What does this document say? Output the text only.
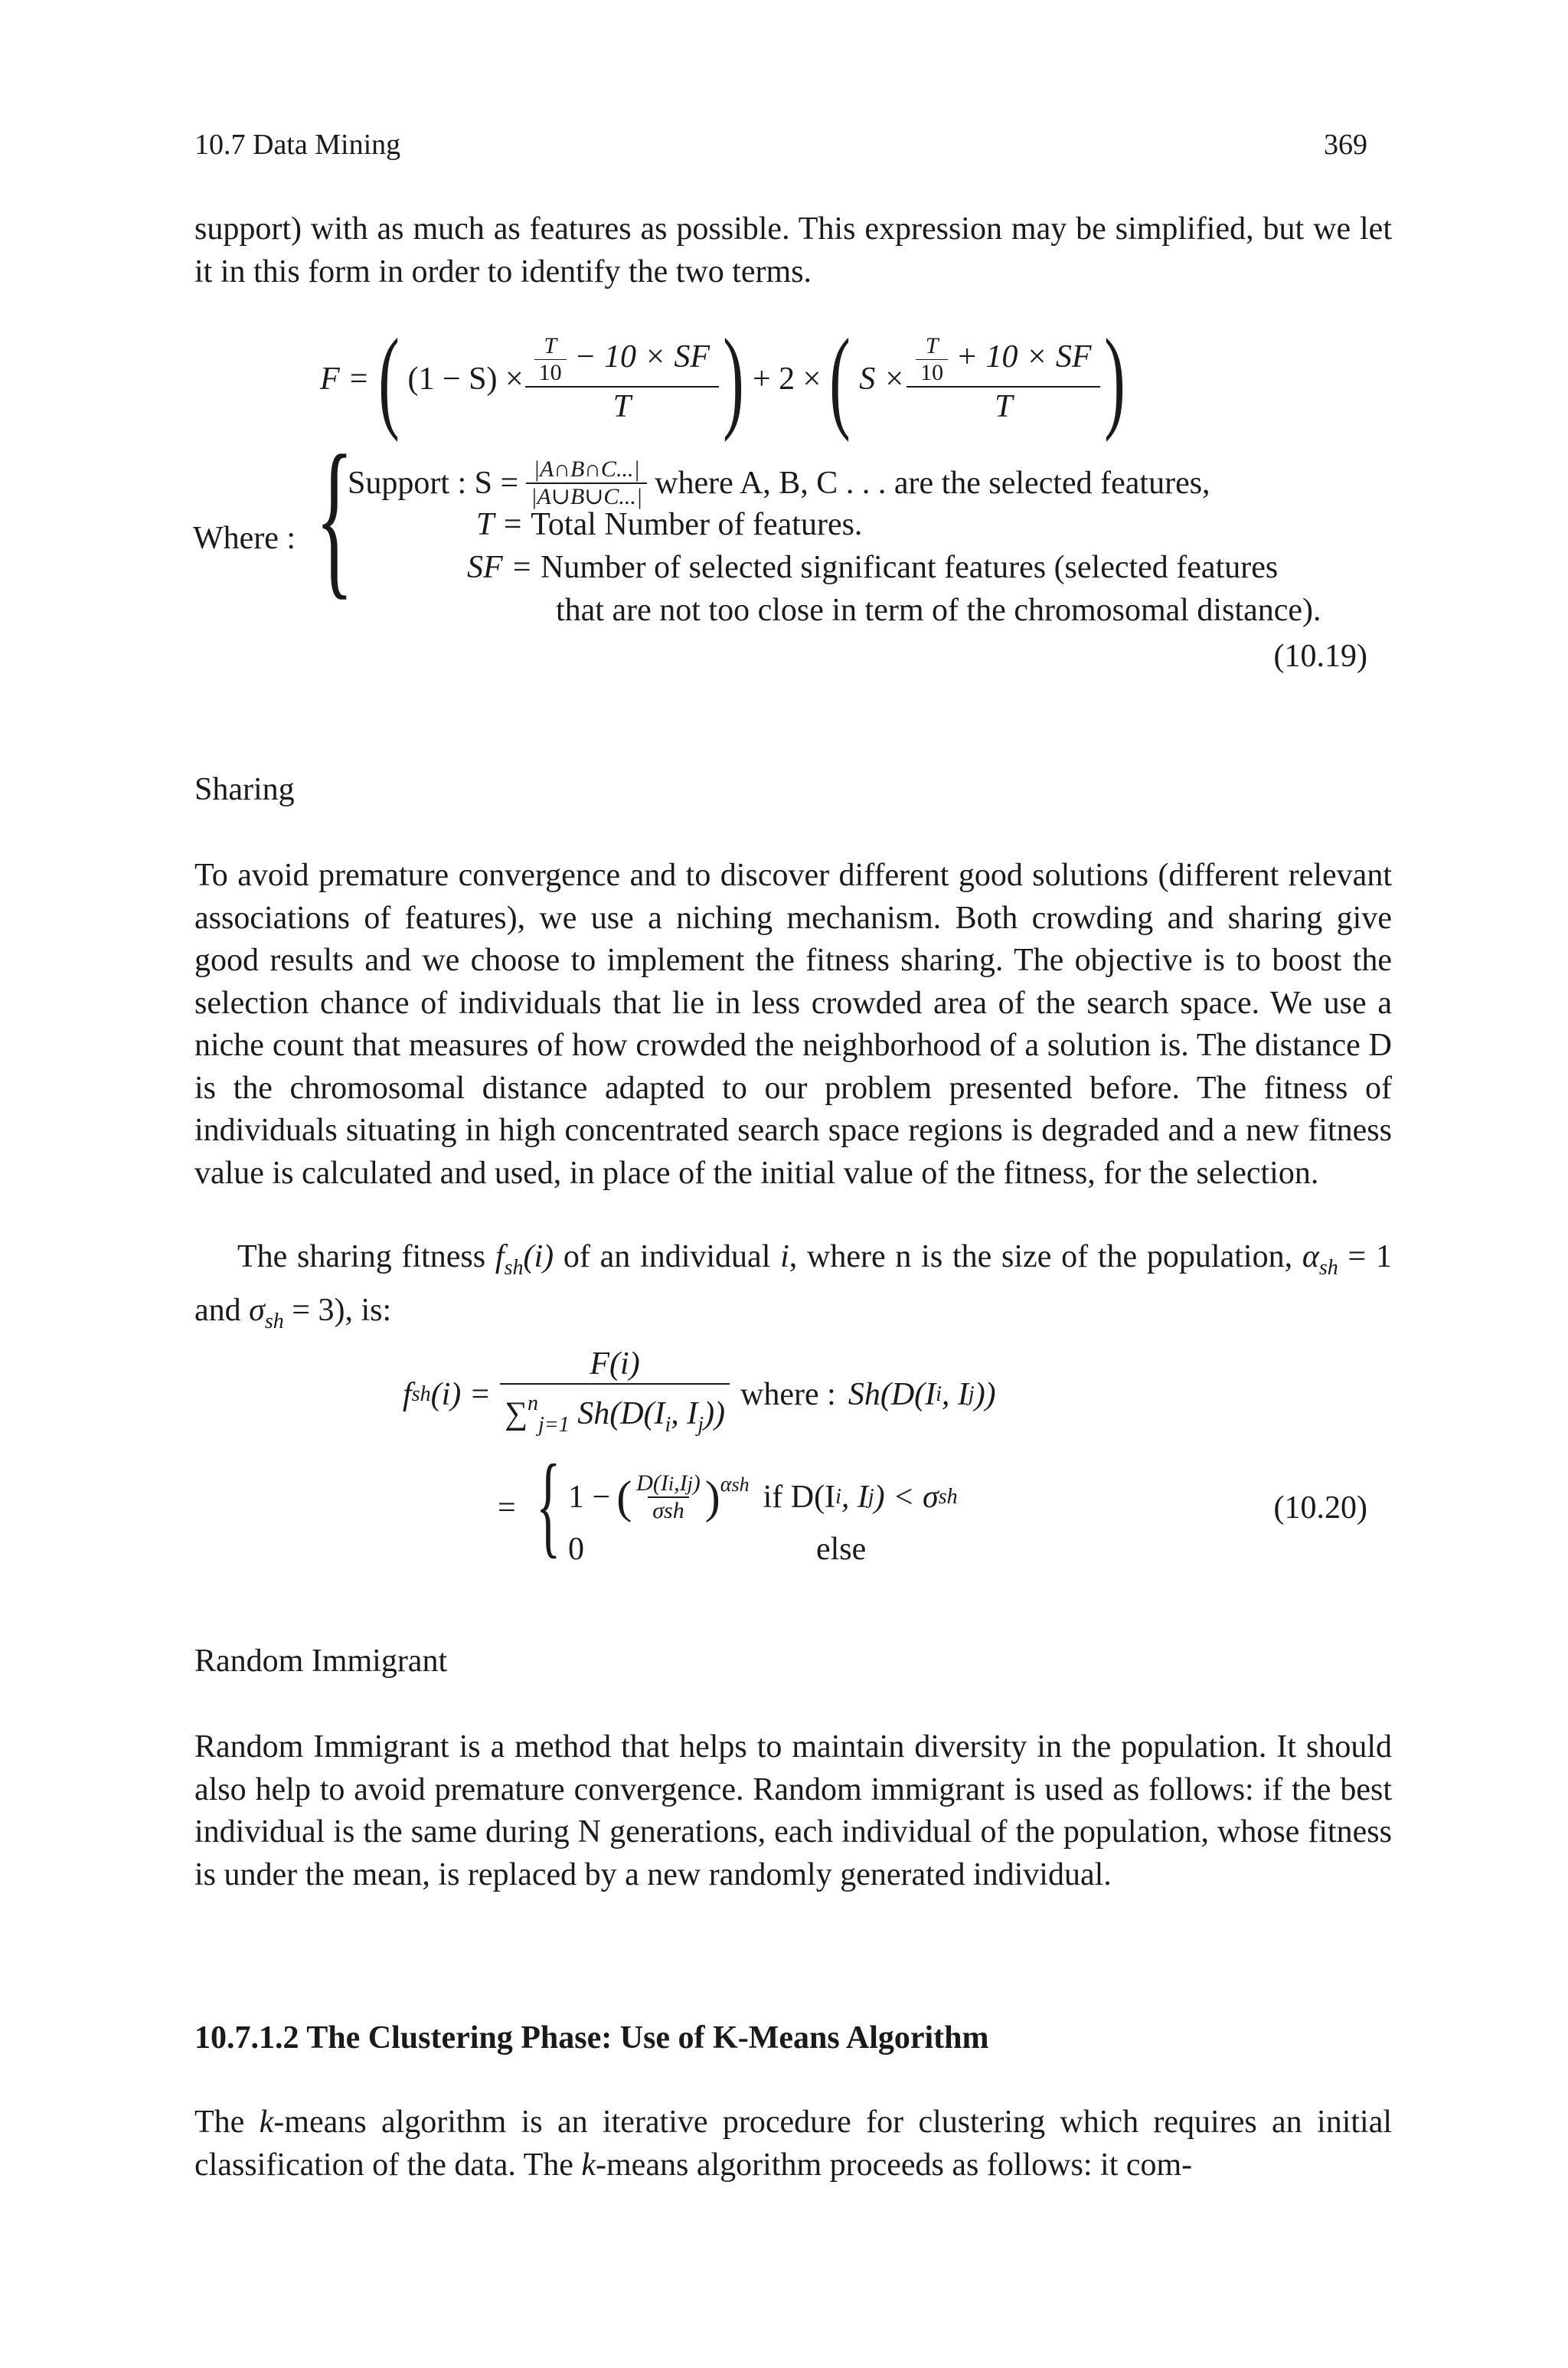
10.7 Data Mining	369

support) with as much as features as possible. This expression may be simplified, but we let it in this form in order to identify the two terms.

F = ( $(1 - S) \times \frac{\frac{T}{10} - 10 \times SF}{T}$ ) + 2 × ( $S \times \frac{\frac{T}{10} + 10 \times SF}{T}$ )
Where : {
Support : $S = \frac{|A\cap B\cap C...|}{|A\cup B\cup C...|}$ where A, B, C . . . are the selected features,
T = Total Number of features.
SF = Number of selected significant features (selected features
that are not too close in term of the chromosomal distance).
(10.19)
Sharing

To avoid premature convergence and to discover different good solutions (different relevant associations of features), we use a niching mechanism. Both crowding and sharing give good results and we choose to implement the fitness sharing. The objective is to boost the selection chance of individuals that lie in less crowded area of the search space. We use a niche count that measures of how crowded the neighborhood of a solution is. The distance D is the chromosomal distance adapted to our problem presented before. The fitness of individuals situating in high concentrated search space regions is degraded and a new fitness value is calculated and used, in place of the initial value of the fitness, for the selection.

The sharing fitness $f_{sh}(i)$ of an individual i, where n is the size of the population, $\alpha_{sh} = 1$ and $\sigma_{sh} = 3$), is:

f sh $(i) = \frac{F(i)}{\sum^n_{j=1} Sh(D(I_i, I_j))}$ where : Sh(D(I i , I j ))
= { 1 − ( $\frac{D(Ii,Ij)}{\text{σsh}}$ ) αsh if D(I i , I j ) < σ sh
0	else
(10.20)
Random Immigrant

Random Immigrant is a method that helps to maintain diversity in the population. It should also help to avoid premature convergence. Random immigrant is used as follows: if the best individual is the same during N generations, each individual of the population, whose fitness is under the mean, is replaced by a new randomly generated individual.

10.7.1.2 The Clustering Phase: Use of K-Means Algorithm

The k-means algorithm is an iterative procedure for clustering which requires an initial classification of the data. The k-means algorithm proceeds as follows: it com-
